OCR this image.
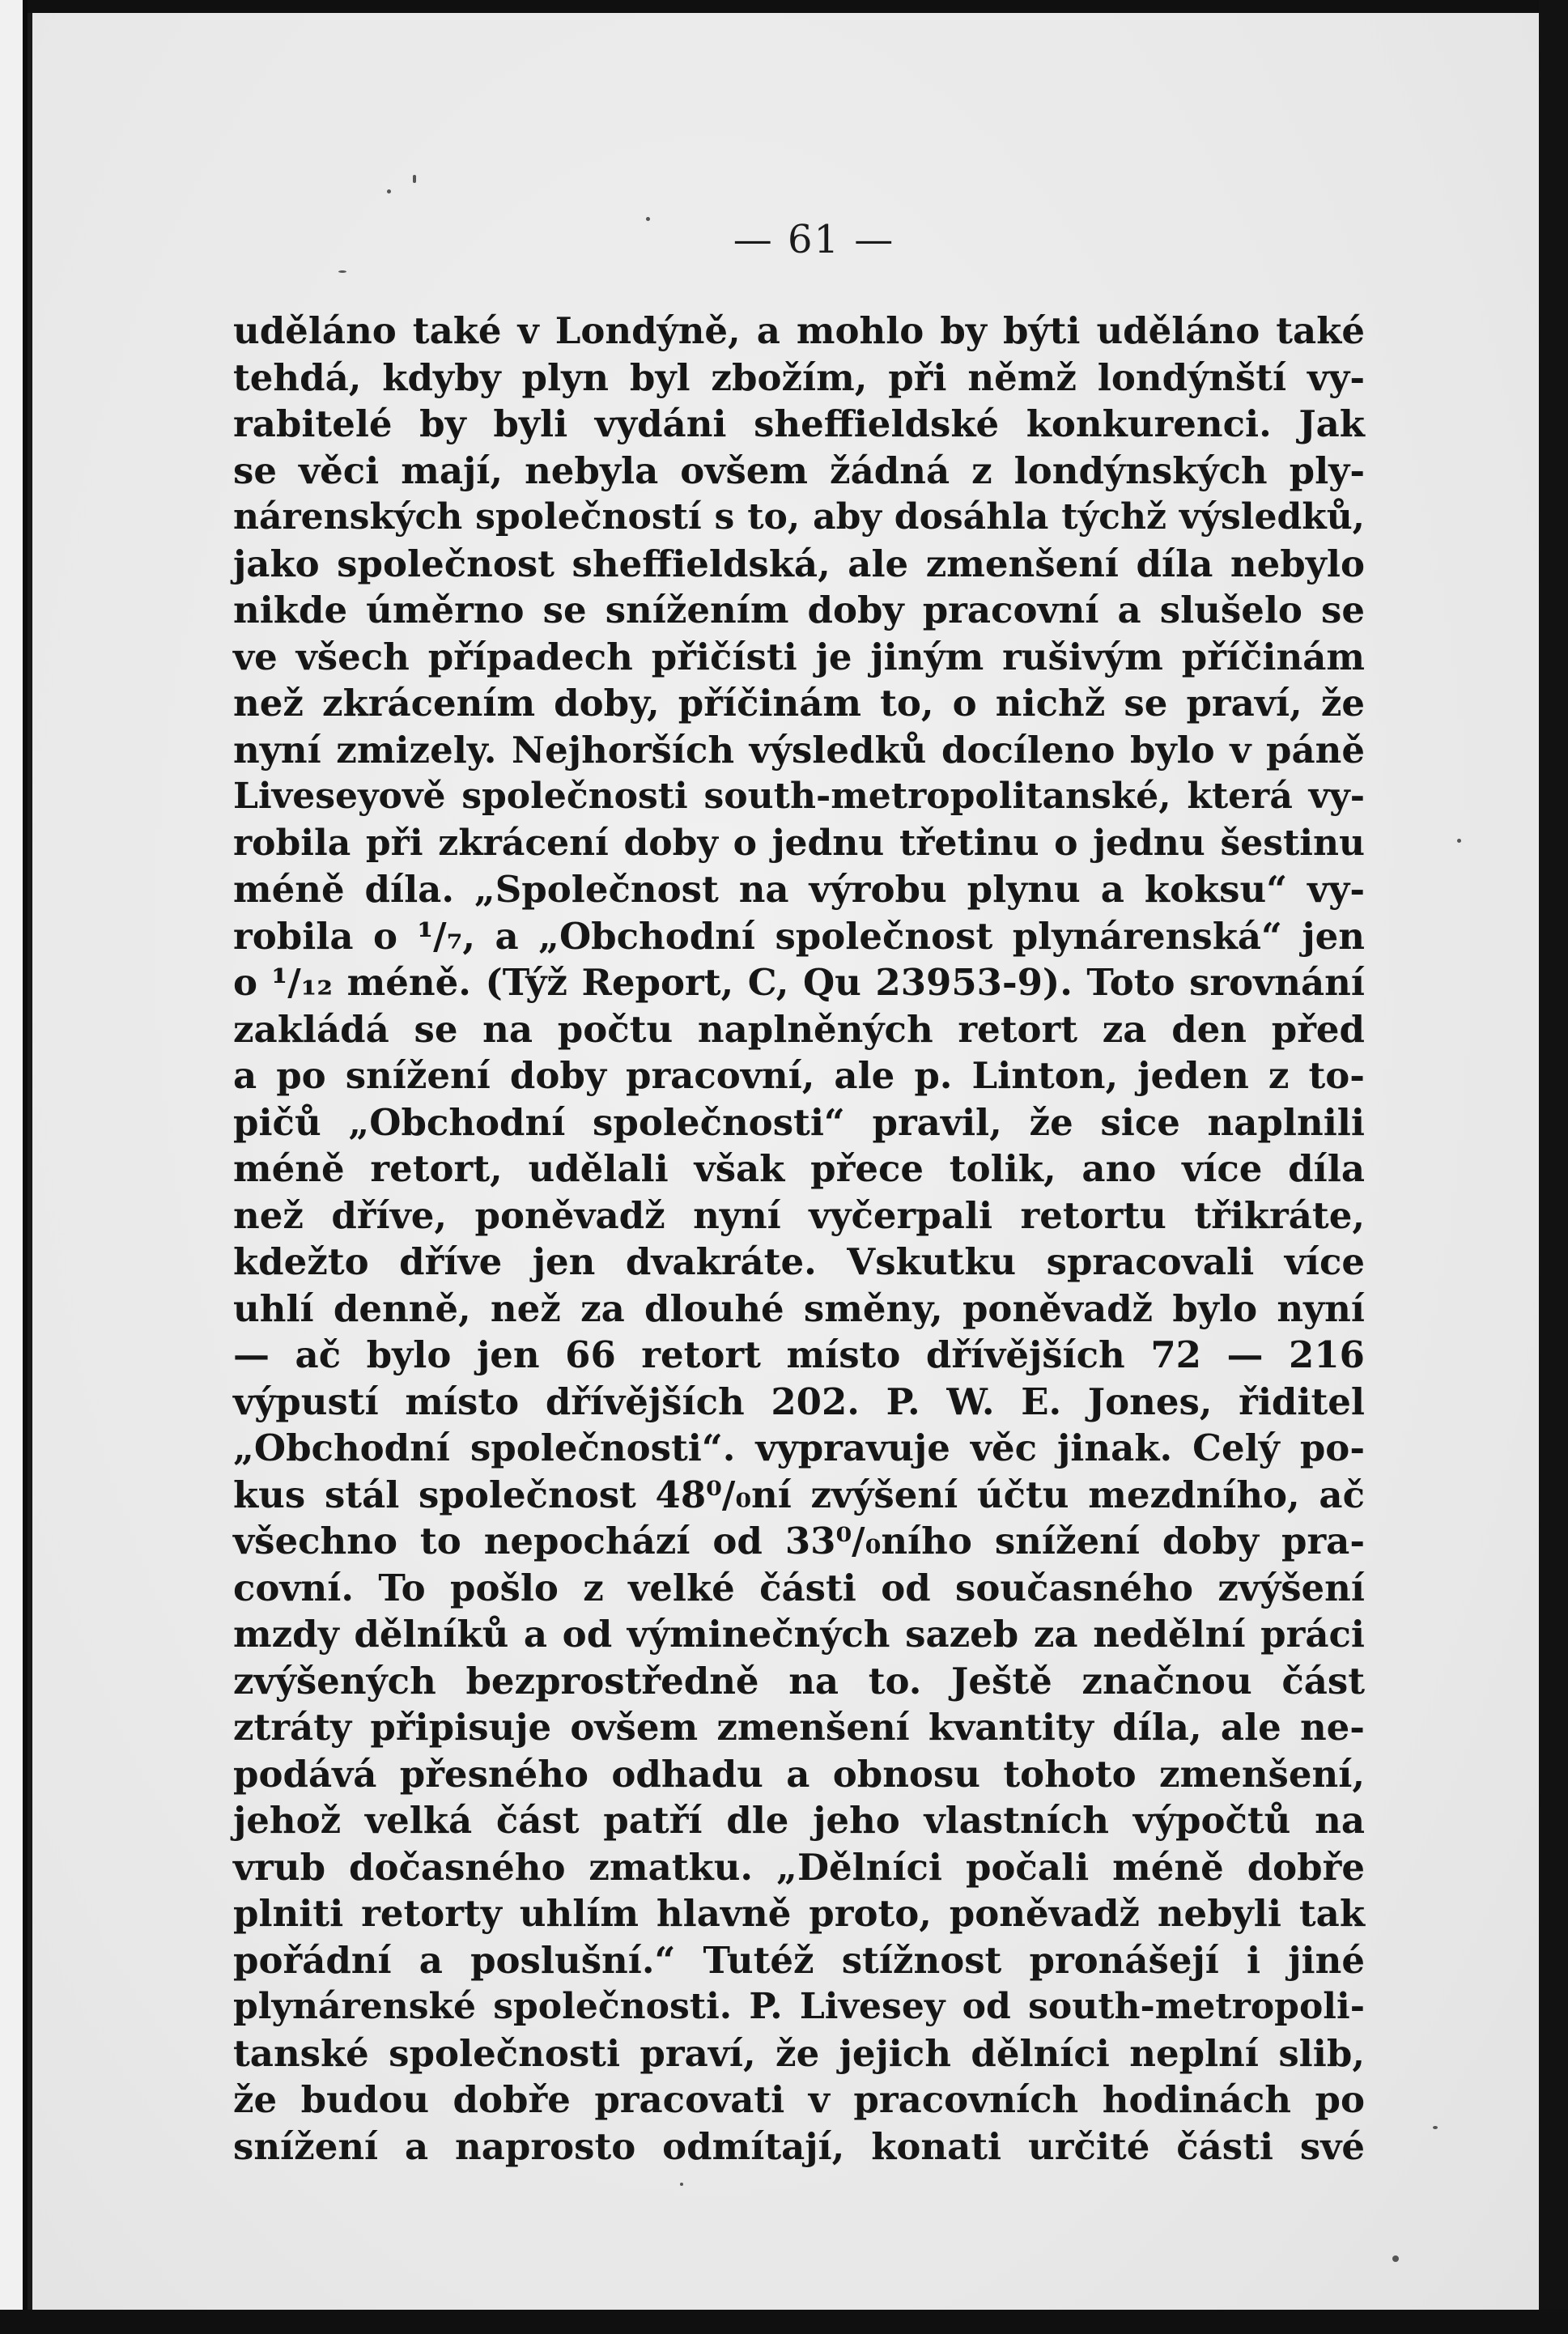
— 61 —
uděláno také v Londýně, a mohlo by býti uděláno také
tehdá, kdyby plyn byl zbožím, při němž londýnští vy-
rabitelé by byli vydáni sheffieldské konkurenci. Jak
se věci mají, nebyla ovšem žádná z londýnských ply-
nárenských společností s to, aby dosáhla týchž výsledků,
jako společnost sheffieldská, ale zmenšení díla nebylo
nikde úměrno se snížením doby pracovní a slušelo se
ve všech případech přičísti je jiným rušivým příčinám
než zkrácením doby, příčinám to, o nichž se praví, že
nyní zmizely. Nejhorších výsledků docíleno bylo v páně
Liveseyově společnosti south-metropolitanské, která vy-
robila při zkrácení doby o jednu třetinu o jednu šestinu
méně díla. „Společnost na výrobu plynu a koksu“ vy-
robila o ¹/₇, a „Obchodní společnost plynárenská“ jen
o ¹/₁₂ méně. (Týž Report, C, Qu 23953-9). Toto srovnání
zakládá se na počtu naplněných retort za den před
a po snížení doby pracovní, ale p. Linton, jeden z to-
pičů „Obchodní společnosti“ pravil, že sice naplnili
méně retort, udělali však přece tolik, ano více díla
než dříve, poněvadž nyní vyčerpali retortu třikráte,
kdežto dříve jen dvakráte. Vskutku spracovali více
uhlí denně, než za dlouhé směny, poněvadž bylo nyní
— ač bylo jen 66 retort místo dřívějších 72 — 216
výpustí místo dřívějších 202. P. W. E. Jones, řiditel
„Obchodní společnosti“. vypravuje věc jinak. Celý po-
kus stál společnost 48⁰/₀ní zvýšení účtu mezdního, ač
všechno to nepochází od 33⁰/₀ního snížení doby pra-
covní. To pošlo z velké části od současného zvýšení
mzdy dělníků a od výminečných sazeb za nedělní práci
zvýšených bezprostředně na to. Ještě značnou část
ztráty připisuje ovšem zmenšení kvantity díla, ale ne-
podává přesného odhadu a obnosu tohoto zmenšení,
jehož velká část patří dle jeho vlastních výpočtů na
vrub dočasného zmatku. „Dělníci počali méně dobře
plniti retorty uhlím hlavně proto, poněvadž nebyli tak
pořádní a poslušní.“ Tutéž stížnost pronášejí i jiné
plynárenské společnosti. P. Livesey od south-metropoli-
tanské společnosti praví, že jejich dělníci neplní slib,
že budou dobře pracovati v pracovních hodinách po
snížení a naprosto odmítají, konati určité části své
